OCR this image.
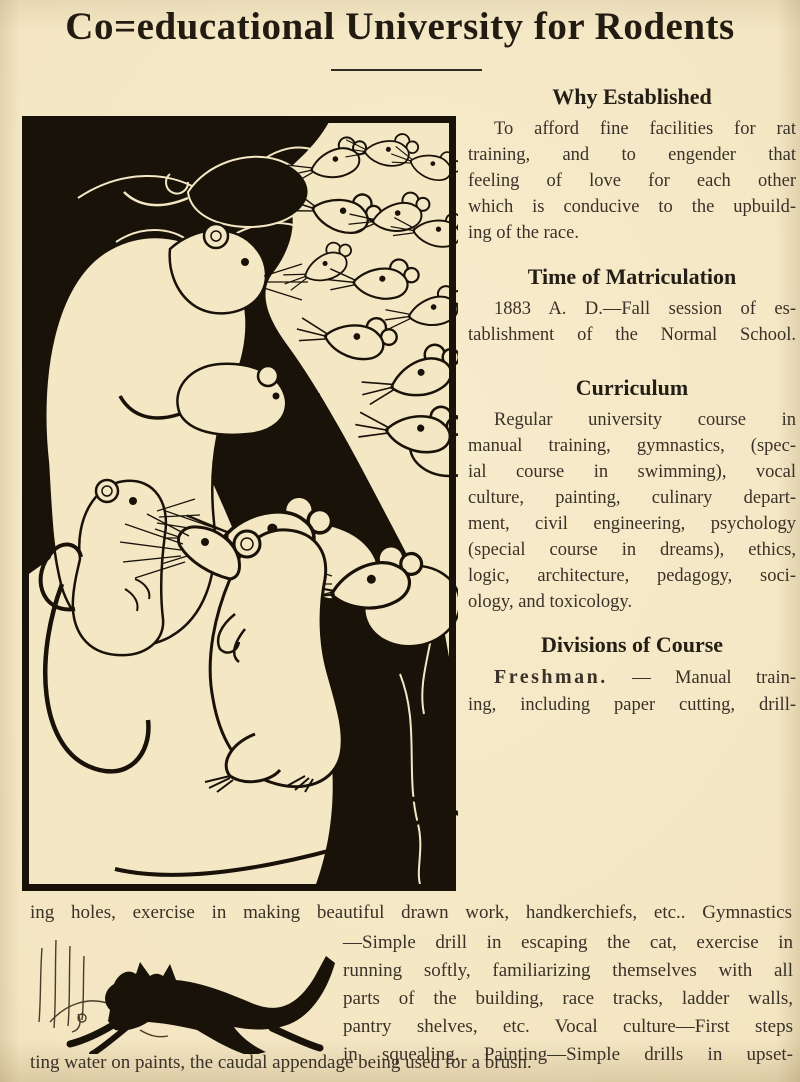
Co=educational University for Rodents
Why Established
To afford fine facilities for rat
training, and to engender that
feeling of love for each other
which is conducive to the upbuild-
ing of the race.
Time of Matriculation
1883 A. D.—Fall session of es-
tablishment of the Normal School.
Curriculum
Regular university course in
manual training, gymnastics, (spec-
ial course in swimming), vocal
culture, painting, culinary depart-
ment, civil engineering, psychology
(special course in dreams), ethics,
logic, architecture, pedagogy, soci-
ology, and toxicology.
Divisions of Course
Freshman. — Manual train-
ing, including paper cutting, drill-
ing holes, exercise in making beautiful drawn work, handkerchiefs, etc.. Gymnastics
—Simple drill in escaping the cat, exercise in
running softly, familiarizing themselves with all
parts of the building, race tracks, ladder walls,
pantry shelves, etc. Vocal culture—First steps
in squealing. Painting—Simple drills in upset-
ting water on paints, the caudal appendage being used for a brush.
